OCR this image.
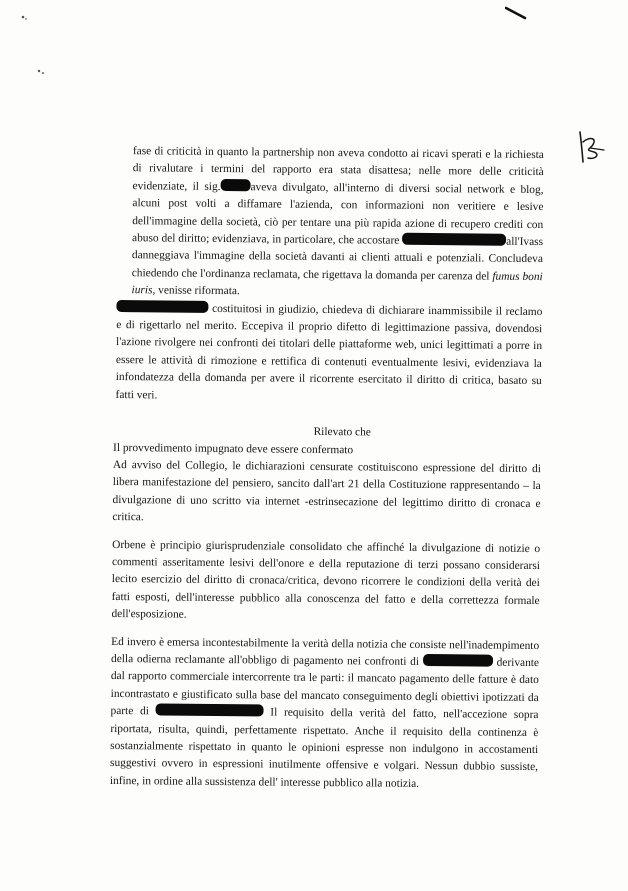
fase di criticità in quanto la partnership non aveva condotto ai ricavi sperati e la richiesta di rivalutare i termini del rapporto era stata disattesa; nelle more delle criticità evidenziate, il sig.	aveva divulgato, all'interno di diversi social network e blog, alcuni post volti a diffamare l'azienda, con informazioni non veritiere e lesive dell'immagine della società, ciò per tentare una più rapida azione di recupero crediti con abuso del diritto; evidenziava, in particolare, che accostare	all'Ivass danneggiava l'immagine della società davanti ai clienti attuali e potenziali. Concludeva chiedendo che l'ordinanza reclamata, che rigettava la domanda per carenza del fumus boni iuris, venisse riformata.

costituitosi in giudizio, chiedeva di dichiarare inammissibile il reclamo e di rigettarlo nel merito. Eccepiva il proprio difetto di legittimazione passiva, dovendosi l'azione rivolgere nei confronti dei titolari delle piattaforme web, unici legittimati a porre in essere le attività di rimozione e rettifica di contenuti eventualmente lesivi, evidenziava la infondatezza della domanda per avere il ricorrente esercitato il diritto di critica, basato su fatti veri.

Rilevato che

Il provvedimento impugnato deve essere confermato

Ad avviso del Collegio, le dichiarazioni censurate costituiscono espressione del diritto di libera manifestazione del pensiero, sancito dall'art 21 della Costituzione rappresentando – la divulgazione di uno scritto via internet -estrinsecazione del legittimo diritto di cronaca e critica.

Orbene è principio giurisprudenziale consolidato che affinché la divulgazione di notizie o commenti asseritamente lesivi dell'onore e della reputazione di terzi possano considerarsi lecito esercizio del diritto di cronaca/critica, devono ricorrere le condizioni della verità dei fatti esposti, dell'interesse pubblico alla conoscenza del fatto e della correttezza formale dell'esposizione.

Ed invero è emersa incontestabilmente la verità della notizia che consiste nell'inadempimento della odierna reclamante all'obbligo di pagamento nei confronti di	derivante dal rapporto commerciale intercorrente tra le parti: il mancato pagamento delle fatture è dato incontrastato e giustificato sulla base del mancato conseguimento degli obiettivi ipotizzati da parte di	Il requisito della verità del fatto, nell'accezione sopra riportata, risulta, quindi, perfettamente rispettato. Anche il requisito della continenza è sostanzialmente rispettato in quanto le opinioni espresse non indulgono in accostamenti suggestivi ovvero in espressioni inutilmente offensive e volgari. Nessun dubbio sussiste, infine, in ordine alla sussistenza dell' interesse pubblico alla notizia.
